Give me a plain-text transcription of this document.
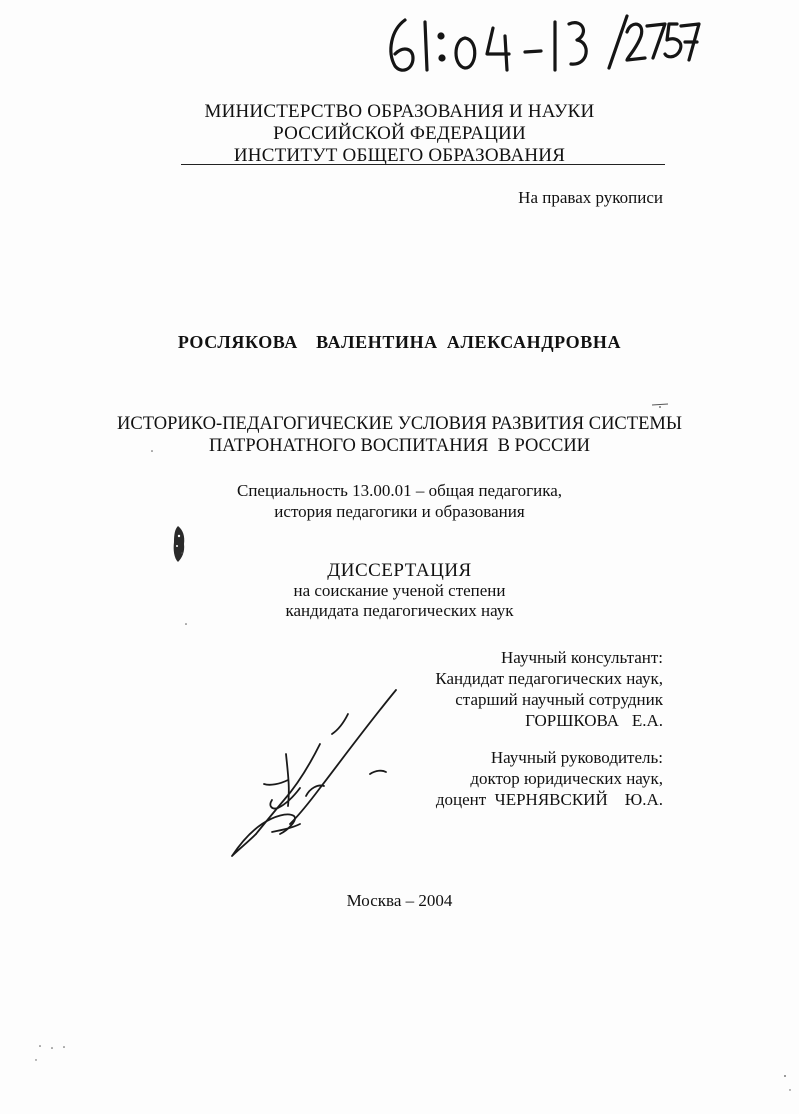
МИНИСТЕРСТВО ОБРАЗОВАНИЯ И НАУКИ
РОССИЙСКОЙ ФЕДЕРАЦИИ
ИНСТИТУТ ОБЩЕГО ОБРАЗОВАНИЯ
На правах рукописи
РОСЛЯКОВА  ВАЛЕНТИНА АЛЕКСАНДРОВНА
ИСТОРИКО-ПЕДАГОГИЧЕСКИЕ УСЛОВИЯ РАЗВИТИЯ СИСТЕМЫ
ПАТРОНАТНОГО ВОСПИТАНИЯ  В РОССИИ
Специальность 13.00.01 – общая педагогика,
история педагогики и образования
ДИССЕРТАЦИЯ
на соискание ученой степени
кандидата педагогических наук
Научный консультант:
Кандидат педагогических наук,
старший научный сотрудник
ГОРШКОВА   Е.А.
Научный руководитель:
доктор юридических наук,
доцент  ЧЕРНЯВСКИЙ    Ю.А.
Москва – 2004
